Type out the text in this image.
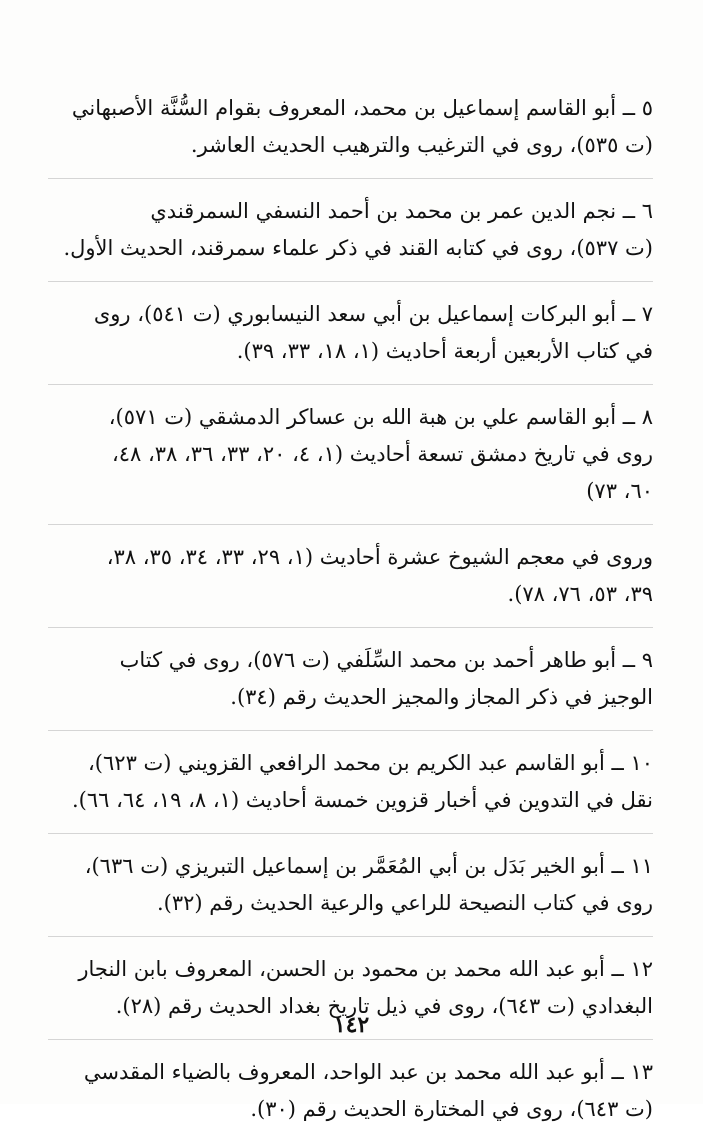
٥ ــ أبو القاسم إسماعيل بن محمد، المعروف بقوام السُّنَّة الأصبهاني

(ت ٥٣٥)، روى في الترغيب والترهيب الحديث العاشر.

٦ ــ نجم الدين عمر بن محمد بن أحمد النسفي السمرقندي

(ت ٥٣٧)، روى في كتابه القند في ذكر علماء سمرقند، الحديث الأول.

٧ ــ أبو البركات إسماعيل بن أبي سعد النيسابوري (ت ٥٤١)، روى

في كتاب الأربعين أربعة أحاديث (١، ١٨، ٣٣، ٣٩).

٨ ــ أبو القاسم علي بن هبة الله بن عساكر الدمشقي (ت ٥٧١)،

روى في تاريخ دمشق تسعة أحاديث (١، ٤، ٢٠، ٣٣، ٣٦، ٣٨، ٤٨،

٦٠، ٧٣)

وروى في معجم الشيوخ عشرة أحاديث (١، ٢٩، ٣٣، ٣٤، ٣٥، ٣٨،

٣٩، ٥٣، ٧٦، ٧٨).

٩ ــ أبو طاهر أحمد بن محمد السِّلَفي (ت ٥٧٦)، روى في كتاب

الوجيز في ذكر المجاز والمجيز الحديث رقم (٣٤).

١٠ ــ أبو القاسم عبد الكريم بن محمد الرافعي القزويني (ت ٦٢٣)،

نقل في التدوين في أخبار قزوين خمسة أحاديث (١، ٨، ١٩، ٦٤، ٦٦).

١١ ــ أبو الخير بَدَل بن أبي المُعَمَّر بن إسماعيل التبريزي (ت ٦٣٦)،

روى في كتاب النصيحة للراعي والرعية الحديث رقم (٣٢).

١٢ ــ أبو عبد الله محمد بن محمود بن الحسن، المعروف بابن النجار

البغدادي (ت ٦٤٣)، روى في ذيل تاريخ بغداد الحديث رقم (٢٨).

١٣ ــ أبو عبد الله محمد بن عبد الواحد، المعروف بالضياء المقدسي

(ت ٦٤٣)، روى في المختارة الحديث رقم (٣٠).

١٤٢
